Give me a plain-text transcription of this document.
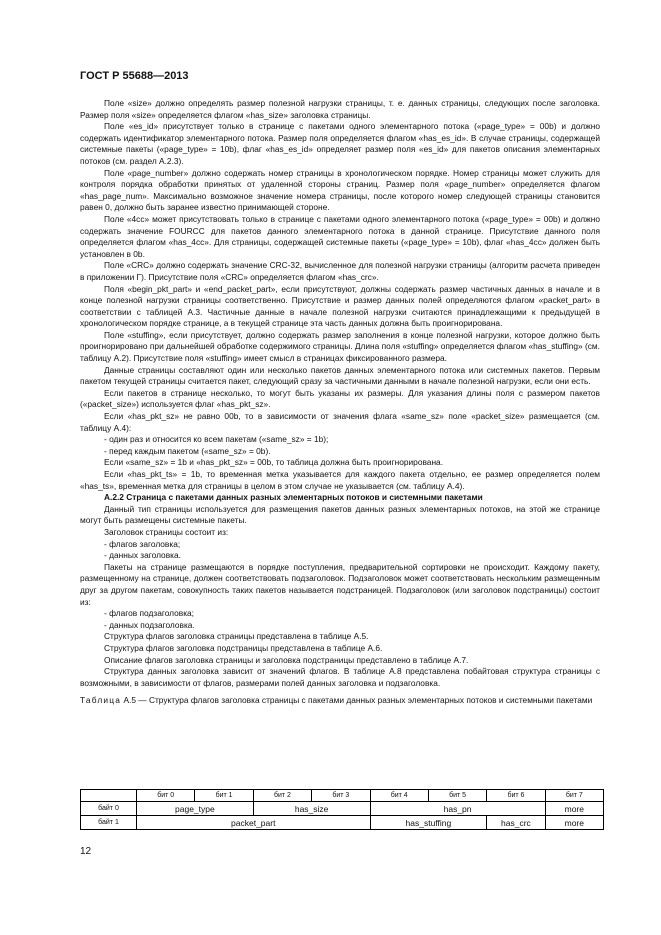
ГОСТ Р 55688—2013

Поле «size» должно определять размер полезной нагрузки страницы, т. е. данных страницы, следующих после заголовка. Размер поля «size» определяется флагом «has_size» заголовка страницы.

Поле «es_id» присутствует только в странице с пакетами одного элементарного потока («page_type» = 00b) и должно содержать идентификатор элементарного потока. Размер поля определяется флагом «has_es_id». В случае страницы, содержащей системные пакеты («page_type» = 10b), флаг «has_es_id» определяет размер поля «es_id» для пакетов описания элементарных потоков (см. раздел А.2.3).

Поле «page_number» должно содержать номер страницы в хронологическом порядке. Номер страницы может служить для контроля порядка обработки принятых от удаленной стороны страниц. Размер поля «page_number» определяется флагом «has_page_num». Максимально возможное значение номера страницы, после которого номер следующей страницы становится равен 0, должно быть заранее известно принимающей стороне.

Поле «4cc» может присутствовать только в странице с пакетами одного элементарного потока («page_type» = 00b) и должно содержать значение FOURCC для пакетов данного элементарного потока в данной странице. Присутствие данного поля определяется флагом «has_4cc». Для страницы, содержащей системные пакеты («page_type» = 10b), флаг «has_4cc» должен быть установлен в 0b.

Поле «CRC» должно содержать значение CRC-32, вычисленное для полезной нагрузки страницы (алгоритм расчета приведен в приложении Г). Присутствие поля «CRC» определяется флагом «has_crc».

Поля «begin_pkt_part» и «end_packet_part», если присутствуют, должны содержать размер частичных данных в начале и в конце полезной нагрузки страницы соответственно. Присутствие и размер данных полей определяются флагом «packet_part» в соответствии с таблицей А.3. Частичные данные в начале полезной нагрузки считаются принадлежащими к предыдущей в хронологическом порядке странице, а в текущей странице эта часть данных должна быть проигнорирована.

Поле «stuffing», если присутствует, должно содержать размер заполнения в конце полезной нагрузки, которое должно быть проигнорировано при дальнейшей обработке содержимого страницы. Длина поля «stuffing» определяется флагом «has_stuffing» (см. таблицу А.2). Присутствие поля «stuffing» имеет смысл в страницах фиксированного размера.

Данные страницы составляют один или несколько пакетов данных элементарного потока или системных пакетов. Первым пакетом текущей страницы считается пакет, следующий сразу за частичными данными в начале полезной нагрузки, если они есть.

Если пакетов в странице несколько, то могут быть указаны их размеры. Для указания длины поля с размером пакетов («packet_size») используется флаг «has_pkt_sz».

Если «has_pkt_sz» не равно 00b, то в зависимости от значения флага «same_sz» поле «packet_size» размещается (см. таблицу А.4):

- один раз и относится ко всем пакетам («same_sz» = 1b);

- перед каждым пакетом («same_sz» = 0b).

Если «same_sz» = 1b и «has_pkt_sz» = 00b, то таблица должна быть проигнорирована.

Если «has_pkt_ts» = 1b, то временная метка указывается для каждого пакета отдельно, ее размер определяется полем «has_ts», временная метка для страницы в целом в этом случае не указывается (см. таблицу А.4).

А.2.2 Страница с пакетами данных разных элементарных потоков и системными пакетами

Данный тип страницы используется для размещения пакетов данных разных элементарных потоков, на этой же странице могут быть размещены системные пакеты.

Заголовок страницы состоит из:

- флагов заголовка;

- данных заголовка.

Пакеты на странице размещаются в порядке поступления, предварительной сортировки не происходит. Каждому пакету, размещенному на странице, должен соответствовать подзаголовок. Подзаголовок может соответствовать нескольким размещенным друг за другом пакетам, совокупность таких пакетов называется подстраницей. Подзаголовок (или заголовок подстраницы) состоит из:

- флагов подзаголовка;

- данных подзаголовка.

Структура флагов заголовка страницы представлена в таблице А.5.

Структура флагов заголовка подстраницы представлена в таблице А.6.

Описание флагов заголовка страницы и заголовка подстраницы представлено в таблице А.7.

Структура данных заголовка зависит от значений флагов. В таблице А.8 представлена побайтовая структура страницы с возможными, в зависимости от флагов, размерами полей данных заголовка и подзаголовка.

Таблица А.5 — Структура флагов заголовка страницы с пакетами данных разных элементарных потоков и системными пакетами

	бит 0	бит 1	бит 2	бит 3	бит 4	бит 5	бит 6	бит 7
байт 0	page_type		has_size		has_pn			more
байт 1	packet_part				has_stuffing		has_crc	more
12
